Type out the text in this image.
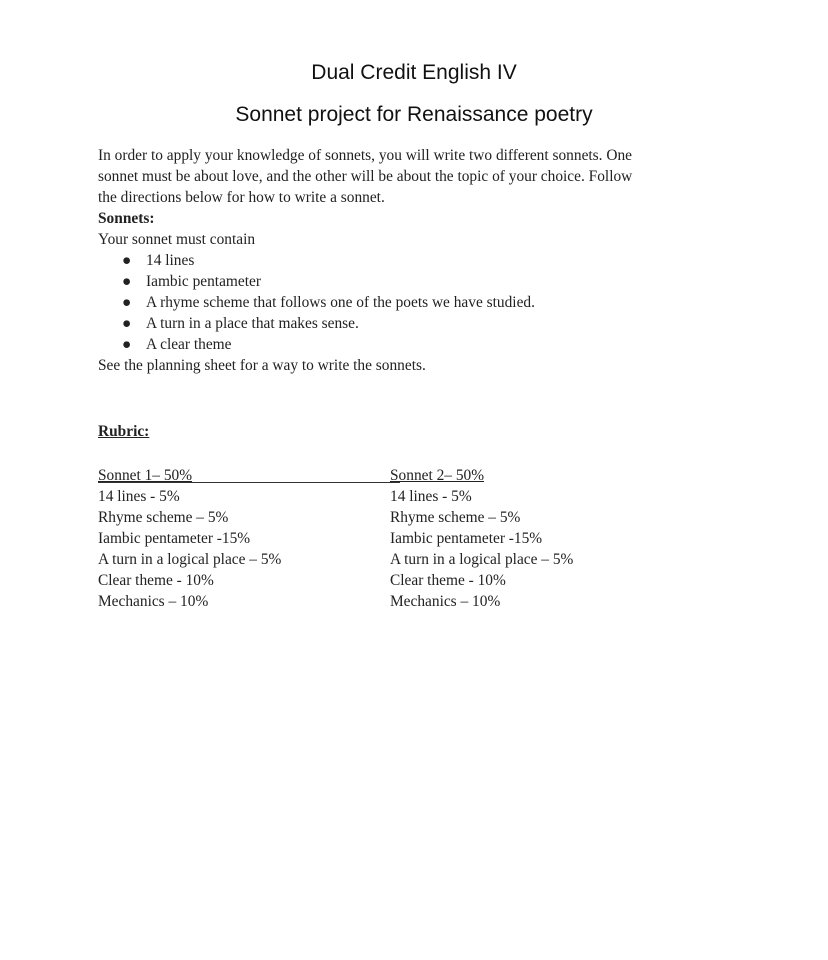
Dual Credit English IV
Sonnet project for Renaissance poetry

In order to apply your knowledge of sonnets, you will write two different sonnets. One

sonnet must be about love, and the other will be about the topic of your choice. Follow

the directions below for how to write a sonnet.

Sonnets:

Your sonnet must contain

● 14 lines
● Iambic pentameter
● A rhyme scheme that follows one of the poets we have studied.
● A turn in a place that makes sense.
● A clear theme

See the planning sheet for a way to write the sonnets.

Rubric:
Sonnet 1– 50%
14 lines - 5%
Rhyme scheme – 5%
Iambic pentameter -15%
A turn in a logical place – 5%
Clear theme - 10%
Mechanics – 10%
Sonnet 2– 50%
14 lines - 5%
Rhyme scheme – 5%
Iambic pentameter -15%
A turn in a logical place – 5%
Clear theme - 10%
Mechanics – 10%
